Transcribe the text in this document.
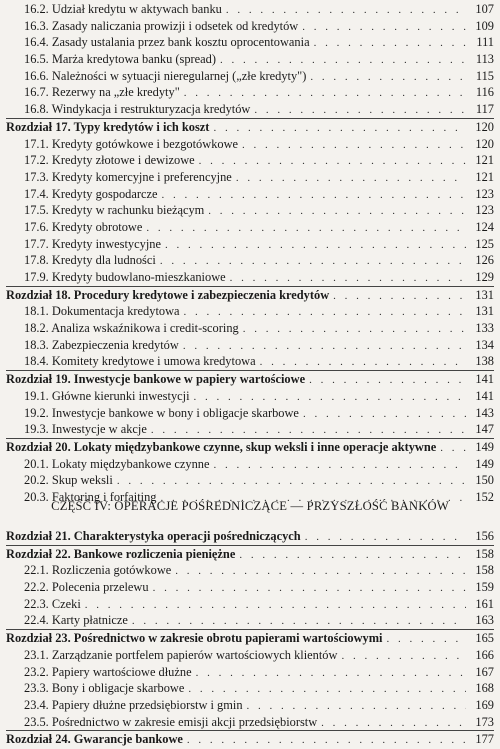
16.2. Udział kredytu w aktywach banku . . .	107
16.3. Zasady naliczania prowizji i odsetek od kredytów . . .	109
16.4. Zasady ustalania przez bank kosztu oprocentowania . . .	111
16.5. Marża kredytowa banku (spread) . . .	113
16.6. Należności w sytuacji nieregularnej („złe kredyty") . . .	115
16.7. Rezerwy na „złe kredyty" . . .	116
16.8. Windykacja i restrukturyzacja kredytów . . .	117
Rozdział 17. Typy kredytów i ich koszt . . .	120
17.1. Kredyty gotówkowe i bezgotówkowe . . .	120
17.2. Kredyty złotowe i dewizowe . . .	121
17.3. Kredyty komercyjne i preferencyjne . . .	121
17.4. Kredyty gospodarcze . . .	123
17.5. Kredyty w rachunku bieżącym . . .	123
17.6. Kredyty obrotowe . . .	124
17.7. Kredyty inwestycyjne . . .	125
17.8. Kredyty dla ludności . . .	126
17.9. Kredyty budowlano-mieszkaniowe . . .	129
Rozdział 18. Procedury kredytowe i zabezpieczenia kredytów . . .	131
18.1. Dokumentacja kredytowa . . .	131
18.2. Analiza wskaźnikowa i credit-scoring . . .	133
18.3. Zabezpieczenia kredytów . . .	134
18.4. Komitety kredytowe i umowa kredytowa . . .	138
Rozdział 19. Inwestycje bankowe w papiery wartościowe . . .	141
19.1. Główne kierunki inwestycji . . .	141
19.2. Inwestycje bankowe w bony i obligacje skarbowe . . .	143
19.3. Inwestycje w akcje . . .	147
Rozdział 20. Lokaty międzybankowe czynne, skup weksli i inne operacje aktywne . . .	149
20.1. Lokaty międzybankowe czynne . . .	149
20.2. Skup weksli . . .	150
20.3. Faktoring i forfaiting . . .	152
CZĘŚĆ IV: OPERACJE POŚREDNICZĄCE — PRZYSZŁOŚĆ BANKÓW
Rozdział 21. Charakterystyka operacji pośredniczących . . .	156
Rozdział 22. Bankowe rozliczenia pieniężne . . .	158
22.1. Rozliczenia gotówkowe . . .	158
22.2. Polecenia przelewu . . .	159
22.3. Czeki . . .	161
22.4. Karty płatnicze . . .	163
Rozdział 23. Pośrednictwo w zakresie obrotu papierami wartościowymi . . .	165
23.1. Zarządzanie portfelem papierów wartościowych klientów . . .	166
23.2. Papiery wartościowe dłużne . . .	167
23.3. Bony i obligacje skarbowe . . .	168
23.4. Papiery dłużne przedsiębiorstw i gmin . . .	169
23.5. Pośrednictwo w zakresie emisji akcji przedsiębiorstw . . .	173
Rozdział 24. Gwarancje bankowe . . .	177
